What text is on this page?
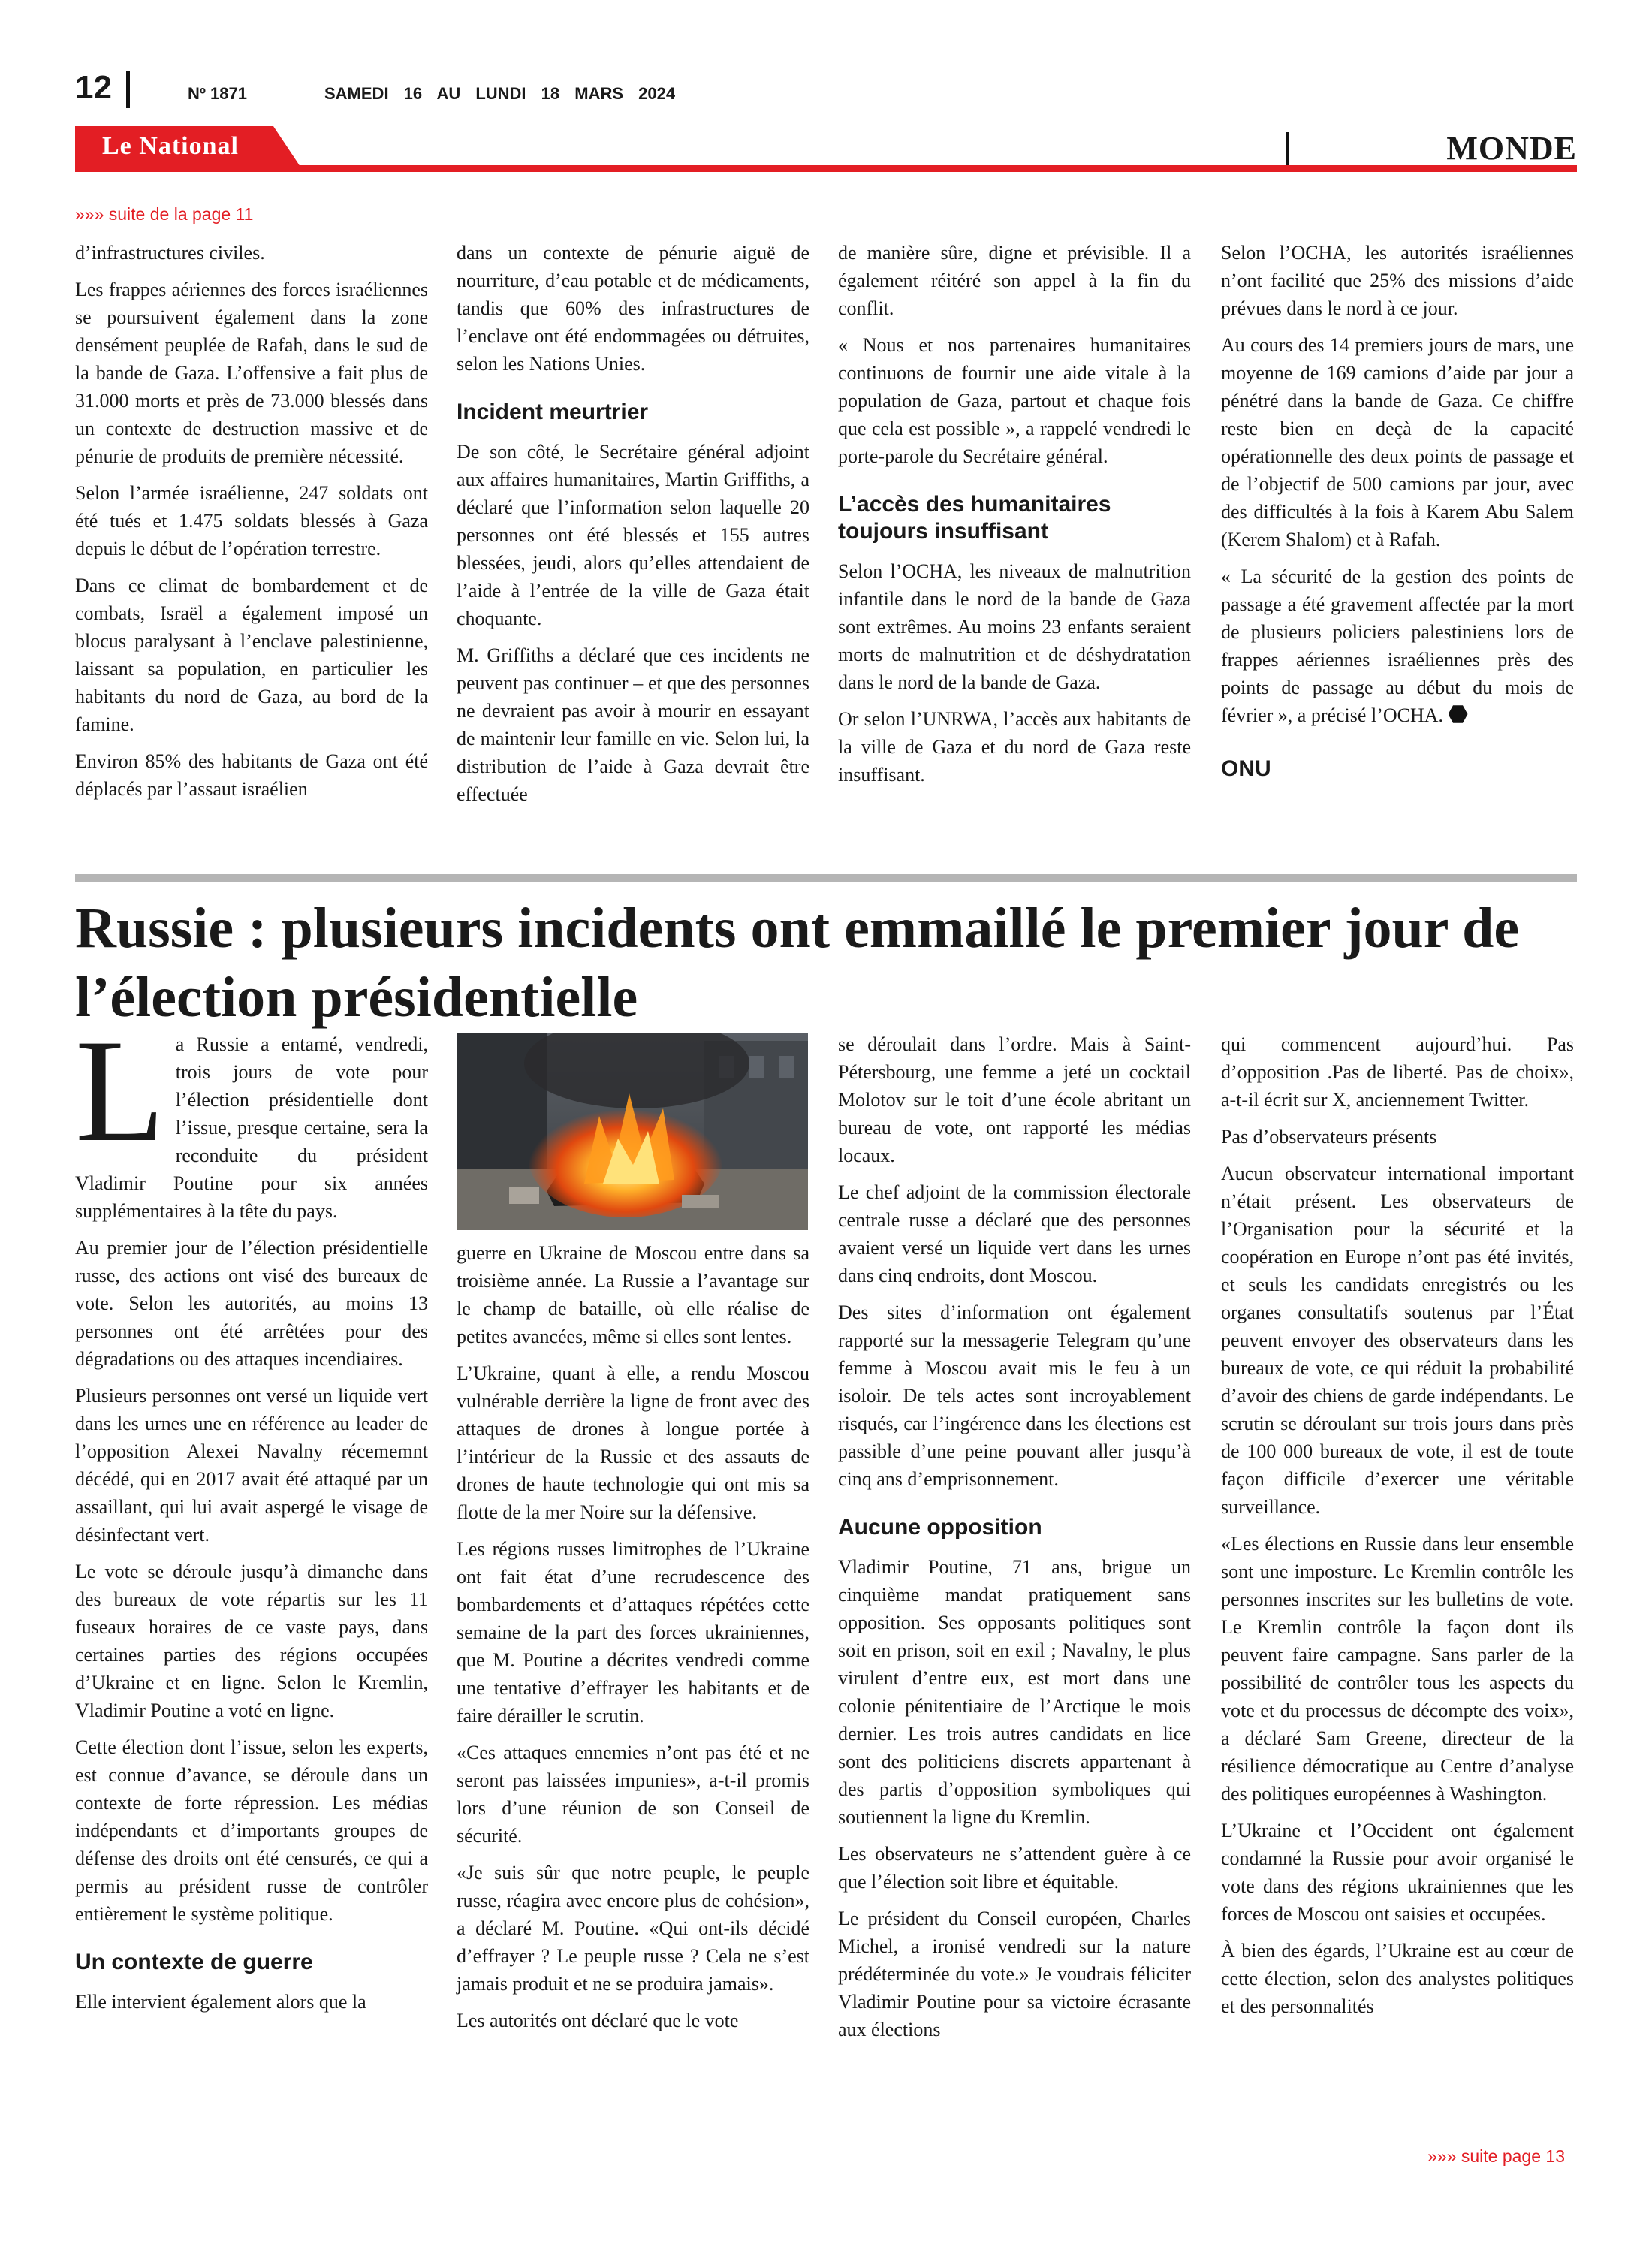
12	Nº 1871	SAMEDI 16 AU LUNDI 18 MARS 2024
Le National	MONDE
»»» suite de la page 11

d’infrastructures civiles.

Les frappes aériennes des forces israéliennes se poursuivent également dans la zone densément peuplée de Rafah, dans le sud de la bande de Gaza. L’offensive a fait plus de 31.000 morts et près de 73.000 blessés dans un contexte de destruction massive et de pénurie de produits de première nécessité.

Selon l’armée israélienne, 247 soldats ont été tués et 1.475 soldats blessés à Gaza depuis le début de l’opération terrestre.

Dans ce climat de bombardement et de combats, Israël a également imposé un blocus paralysant à l’enclave palestinienne, laissant sa population, en particulier les habitants du nord de Gaza, au bord de la famine.

Environ 85% des habitants de Gaza ont été déplacés par l’assaut israélien

dans un contexte de pénurie aiguë de nourriture, d’eau potable et de médicaments, tandis que 60% des infrastructures de l’enclave ont été endommagées ou détruites, selon les Nations Unies.

Incident meurtrier

De son côté, le Secrétaire général adjoint aux affaires humanitaires, Martin Griffiths, a déclaré que l’information selon laquelle 20 personnes ont été blessés et 155 autres blessées, jeudi, alors qu’elles attendaient de l’aide à l’entrée de la ville de Gaza était choquante.

M. Griffiths a déclaré que ces incidents ne peuvent pas continuer – et que des personnes ne devraient pas avoir à mourir en essayant de maintenir leur famille en vie. Selon lui, la distribution de l’aide à Gaza devrait être effectuée

de manière sûre, digne et prévisible. Il a également réitéré son appel à la fin du conflit.

« Nous et nos partenaires humanitaires continuons de fournir une aide vitale à la population de Gaza, partout et chaque fois que cela est possible », a rappelé vendredi le porte-parole du Secrétaire général.

L’accès des humanitaires toujours insuffisant

Selon l’OCHA, les niveaux de malnutrition infantile dans le nord de la bande de Gaza sont extrêmes. Au moins 23 enfants seraient morts de malnutrition et de déshydratation dans le nord de la bande de Gaza.

Or selon l’UNRWA, l’accès aux habitants de la ville de Gaza et du nord de Gaza reste insuffisant.

Selon l’OCHA, les autorités israéliennes n’ont facilité que 25% des missions d’aide prévues dans le nord à ce jour.

Au cours des 14 premiers jours de mars, une moyenne de 169 camions d’aide par jour a pénétré dans la bande de Gaza. Ce chiffre reste bien en deçà de la capacité opérationnelle des deux points de passage et de l’objectif de 500 camions par jour, avec des difficultés à la fois à Karem Abu Salem (Kerem Shalom) et à Rafah.

« La sécurité de la gestion des points de passage a été gravement affectée par la mort de plusieurs policiers palestiniens lors de frappes aériennes israéliennes près des points de passage au début du mois de février », a précisé l’OCHA.

ONU

Russie : plusieurs incidents ont emmaillé le premier jour de l’élection présidentielle

La Russie a entamé, vendredi, trois jours de vote pour l’élection présidentielle dont l’issue, presque certaine, sera la reconduite du président Vladimir Poutine pour six années supplémentaires à la tête du pays.

Au premier jour de l’élection présidentielle russe, des actions ont visé des bureaux de vote. Selon les autorités, au moins 13 personnes ont été arrêtées pour des dégradations ou des attaques incendiaires.

Plusieurs personnes ont versé un liquide vert dans les urnes une en référence au leader de l’opposition Alexei Navalny récememnt décédé, qui en 2017 avait été attaqué par un assaillant, qui lui avait aspergé le visage de désinfectant vert.

Le vote se déroule jusqu’à dimanche dans des bureaux de vote répartis sur les 11 fuseaux horaires de ce vaste pays, dans certaines parties des régions occupées d’Ukraine et en ligne. Selon le Kremlin, Vladimir Poutine a voté en ligne.

Cette élection dont l’issue, selon les experts, est connue d’avance, se déroule dans un contexte de forte répression. Les médias indépendants et d’importants groupes de défense des droits ont été censurés, ce qui a permis au président russe de contrôler entièrement le système politique.

Un contexte de guerre

Elle intervient également alors que la

guerre en Ukraine de Moscou entre dans sa troisième année. La Russie a l’avantage sur le champ de bataille, où elle réalise de petites avancées, même si elles sont lentes.

L’Ukraine, quant à elle, a rendu Moscou vulnérable derrière la ligne de front avec des attaques de drones à longue portée à l’intérieur de la Russie et des assauts de drones de haute technologie qui ont mis sa flotte de la mer Noire sur la défensive.

Les régions russes limitrophes de l’Ukraine ont fait état d’une recrudescence des bombardements et d’attaques répétées cette semaine de la part des forces ukrainiennes, que M. Poutine a décrites vendredi comme une tentative d’effrayer les habitants et de faire dérailler le scrutin.

«Ces attaques ennemies n’ont pas été et ne seront pas laissées impunies», a-t-il promis lors d’une réunion de son Conseil de sécurité.

«Je suis sûr que notre peuple, le peuple russe, réagira avec encore plus de cohésion», a déclaré M. Poutine. «Qui ont-ils décidé d’effrayer ? Le peuple russe ? Cela ne s’est jamais produit et ne se produira jamais».

Les autorités ont déclaré que le vote

se déroulait dans l’ordre. Mais à Saint-Pétersbourg, une femme a jeté un cocktail Molotov sur le toit d’une école abritant un bureau de vote, ont rapporté les médias locaux.

Le chef adjoint de la commission électorale centrale russe a déclaré que des personnes avaient versé un liquide vert dans les urnes dans cinq endroits, dont Moscou.

Des sites d’information ont également rapporté sur la messagerie Telegram qu’une femme à Moscou avait mis le feu à un isoloir. De tels actes sont incroyablement risqués, car l’ingérence dans les élections est passible d’une peine pouvant aller jusqu’à cinq ans d’emprisonnement.

Aucune opposition

Vladimir Poutine, 71 ans, brigue un cinquième mandat pratiquement sans opposition. Ses opposants politiques sont soit en prison, soit en exil ; Navalny, le plus virulent d’entre eux, est mort dans une colonie pénitentiaire de l’Arctique le mois dernier. Les trois autres candidats en lice sont des politiciens discrets appartenant à des partis d’opposition symboliques qui soutiennent la ligne du Kremlin.

Les observateurs ne s’attendent guère à ce que l’élection soit libre et équitable.

Le président du Conseil européen, Charles Michel, a ironisé vendredi sur la nature prédéterminée du vote.» Je voudrais féliciter Vladimir Poutine pour sa victoire écrasante aux élections

qui commencent aujourd’hui. Pas d’opposition .Pas de liberté. Pas de choix», a-t-il écrit sur X, anciennement Twitter.

Pas d’observateurs présents

Aucun observateur international important n’était présent. Les observateurs de l’Organisation pour la sécurité et la coopération en Europe n’ont pas été invités, et seuls les candidats enregistrés ou les organes consultatifs soutenus par l’État peuvent envoyer des observateurs dans les bureaux de vote, ce qui réduit la probabilité d’avoir des chiens de garde indépendants. Le scrutin se déroulant sur trois jours dans près de 100 000 bureaux de vote, il est de toute façon difficile d’exercer une véritable surveillance.

«Les élections en Russie dans leur ensemble sont une imposture. Le Kremlin contrôle les personnes inscrites sur les bulletins de vote. Le Kremlin contrôle la façon dont ils peuvent faire campagne. Sans parler de la possibilité de contrôler tous les aspects du vote et du processus de décompte des voix», a déclaré Sam Greene, directeur de la résilience démocratique au Centre d’analyse des politiques européennes à Washington.

L’Ukraine et l’Occident ont également condamné la Russie pour avoir organisé le vote dans des régions ukrainiennes que les forces de Moscou ont saisies et occupées.

À bien des égards, l’Ukraine est au cœur de cette élection, selon des analystes politiques et des personnalités

»»» suite page 13
